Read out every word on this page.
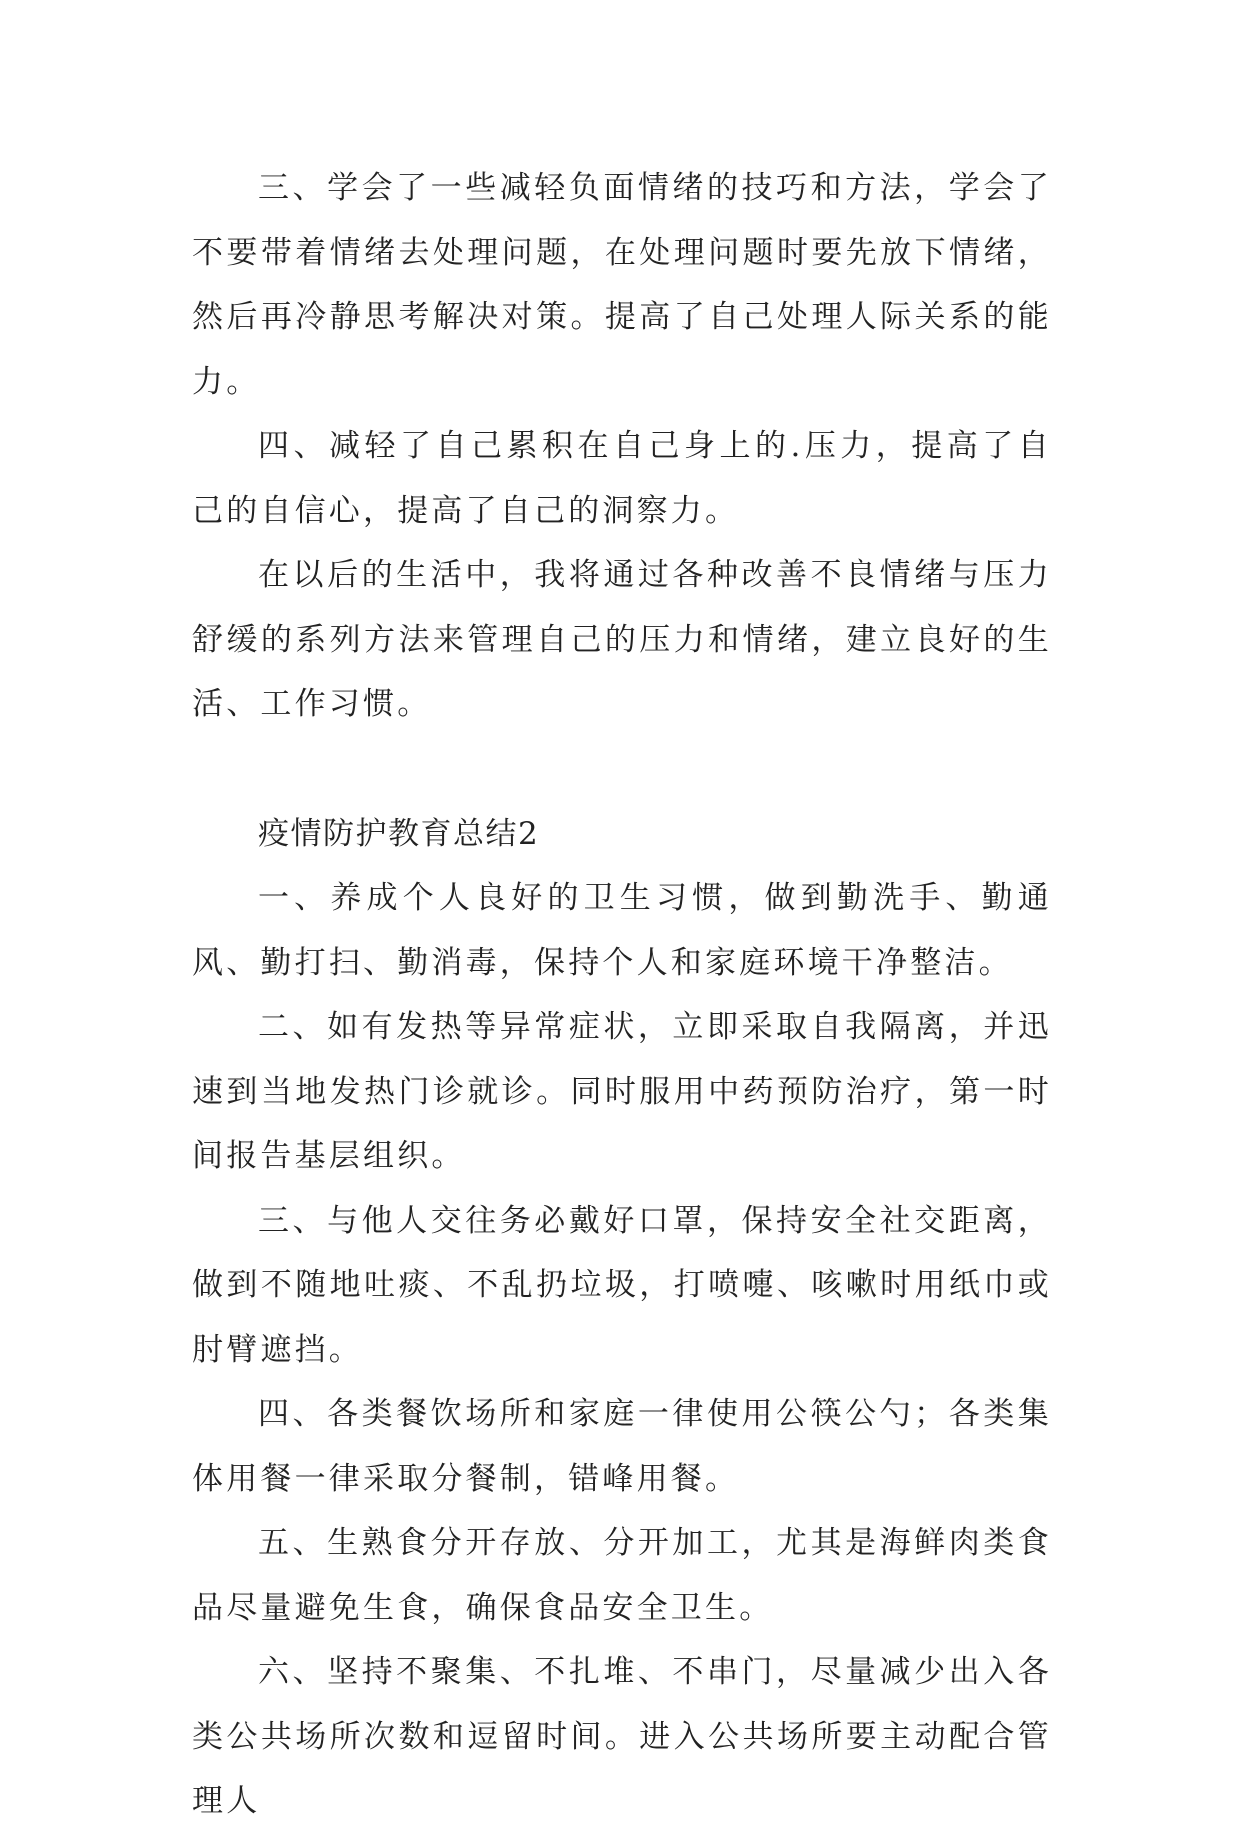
三、学会了一些减轻负面情绪的技巧和方法，学会了不要带着情绪去处理问题，在处理问题时要先放下情绪，然后再冷静思考解决对策。提高了自己处理人际关系的能力。

四、减轻了自己累积在自己身上的.压力，提高了自己的自信心，提高了自己的洞察力。

在以后的生活中，我将通过各种改善不良情绪与压力舒缓的系列方法来管理自己的压力和情绪，建立良好的生活、工作习惯。

疫情防护教育总结2

一、养成个人良好的卫生习惯，做到勤洗手、勤通风、勤打扫、勤消毒，保持个人和家庭环境干净整洁。

二、如有发热等异常症状，立即采取自我隔离，并迅速到当地发热门诊就诊。同时服用中药预防治疗，第一时间报告基层组织。

三、与他人交往务必戴好口罩，保持安全社交距离，做到不随地吐痰、不乱扔垃圾，打喷嚏、咳嗽时用纸巾或肘臂遮挡。

四、各类餐饮场所和家庭一律使用公筷公勺；各类集体用餐一律采取分餐制，错峰用餐。

五、生熟食分开存放、分开加工，尤其是海鲜肉类食品尽量避免生食，确保食品安全卫生。

六、坚持不聚集、不扎堆、不串门，尽量减少出入各类公共场所次数和逗留时间。进入公共场所要主动配合管理人
